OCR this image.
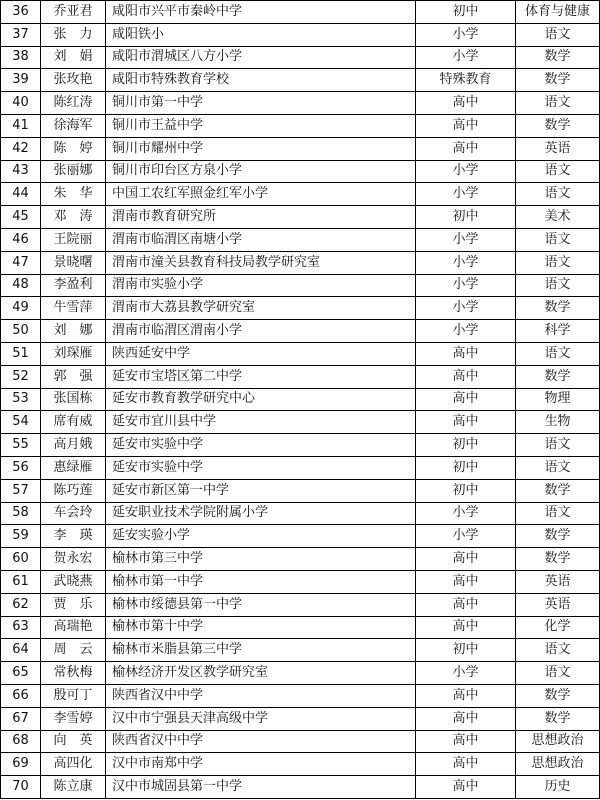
36	乔亚君	咸阳市兴平市秦岭中学	初中	体育与健康
37	张　力	咸阳铁小	小学	语文
38	刘　娟	咸阳市渭城区八方小学	小学	数学
39	张玫艳	咸阳市特殊教育学校	特殊教育	数学
40	陈红涛	铜川市第一中学	高中	语文
41	徐海军	铜川市王益中学	高中	数学
42	陈　婷	铜川市耀州中学	高中	英语
43	张丽娜	铜川市印台区方泉小学	小学	语文
44	朱　华	中国工农红军照金红军小学	小学	语文
45	邓　涛	渭南市教育研究所	初中	美术
46	王院丽	渭南市临渭区南塘小学	小学	语文
47	景晓曙	渭南市潼关县教育科技局教学研究室	小学	语文
48	李盈利	渭南市实验小学	小学	语文
49	牛雪萍	渭南市大荔县教学研究室	小学	数学
50	刘　娜	渭南市临渭区渭南小学	小学	科学
51	刘琛雁	陕西延安中学	高中	语文
52	郭　强	延安市宝塔区第二中学	高中	数学
53	张国栋	延安市教育教学研究中心	高中	物理
54	席有威	延安市宜川县中学	高中	生物
55	高月娥	延安市实验中学	初中	语文
56	惠绿雁	延安市实验中学	初中	语文
57	陈巧莲	延安市新区第一中学	初中	数学
58	车会玲	延安职业技术学院附属小学	小学	语文
59	李　瑛	延安实验小学	小学	数学
60	贺永宏	榆林市第三中学	高中	数学
61	武晓燕	榆林市第一中学	高中	英语
62	贾　乐	榆林市绥德县第一中学	高中	英语
63	高瑞艳	榆林市第十中学	高中	化学
64	周　云	榆林市米脂县第三中学	初中	语文
65	常秋梅	榆林经济开发区教学研究室	小学	语文
66	殷可丁	陕西省汉中中学	高中	数学
67	李雪婷	汉中市宁强县天津高级中学	高中	数学
68	向　英	陕西省汉中中学	高中	思想政治
69	高四化	汉中市南郑中学	高中	思想政治
70	陈立康	汉中市城固县第一中学	高中	历史
